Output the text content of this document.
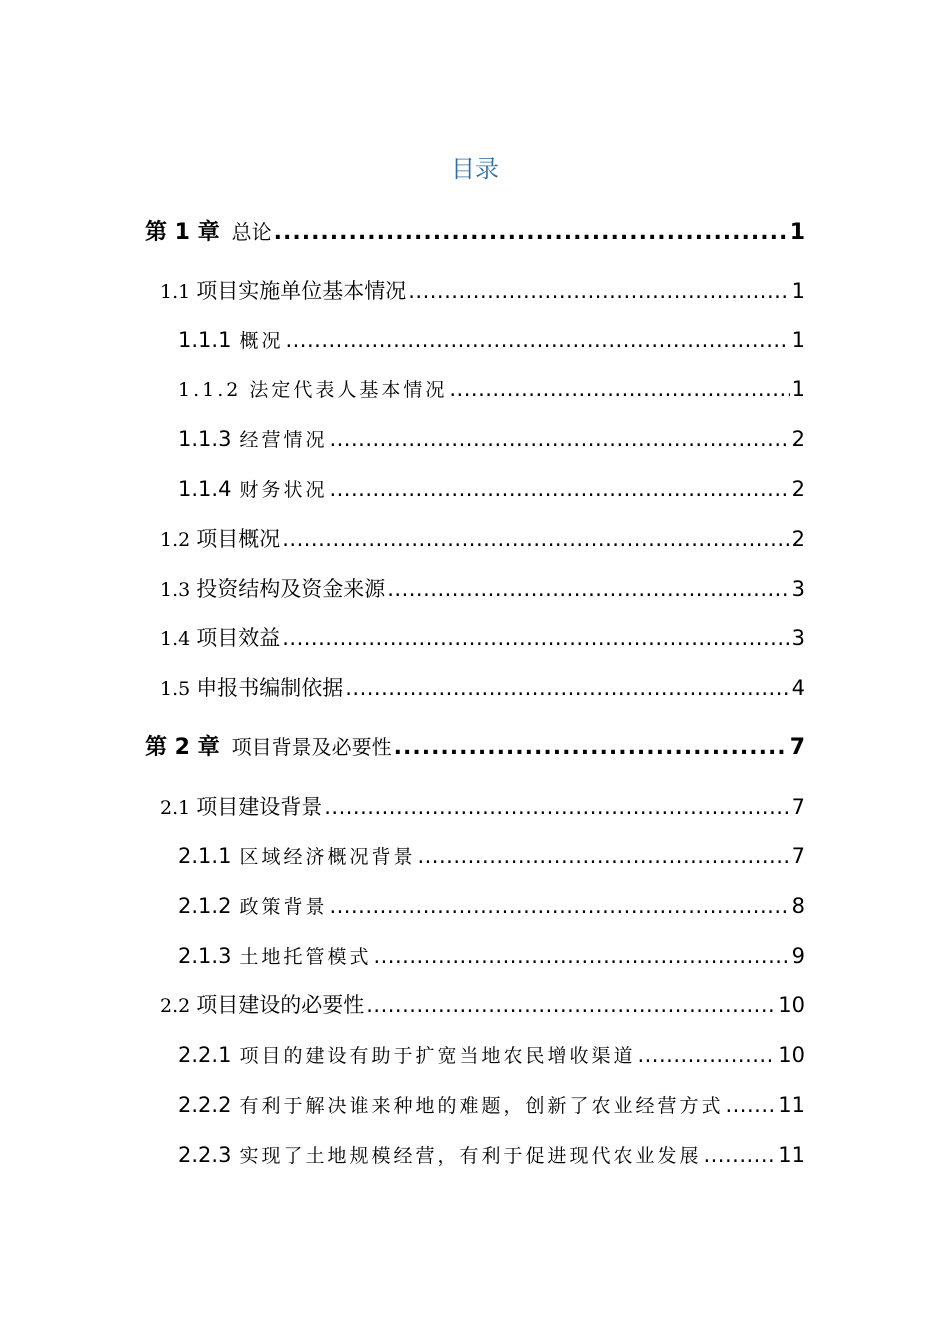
目录
第 1 章 总论 .....	1
1.1 项目实施单位基本情况 .....	1
1.1.1 概况 .....	1
1.1.2 法定代表人基本情况 .....	1
1.1.3 经营情况 .....	2
1.1.4 财务状况 .....	2
1.2 项目概况 .....	2
1.3 投资结构及资金来源 .....	3
1.4 项目效益 .....	3
1.5 申报书编制依据 .....	4
第 2 章 项目背景及必要性 .....	7
2.1 项目建设背景 .....	7
2.1.1 区域经济概况背景 .....	7
2.1.2 政策背景 .....	8
2.1.3 土地托管模式 .....	9
2.2 项目建设的必要性 .....	10
2.2.1 项目的建设有助于扩宽当地农民增收渠道 .....	10
2.2.2 有利于解决谁来种地的难题，创新了农业经营方式 .....	11
2.2.3 实现了土地规模经营，有利于促进现代农业发展 .....	11
